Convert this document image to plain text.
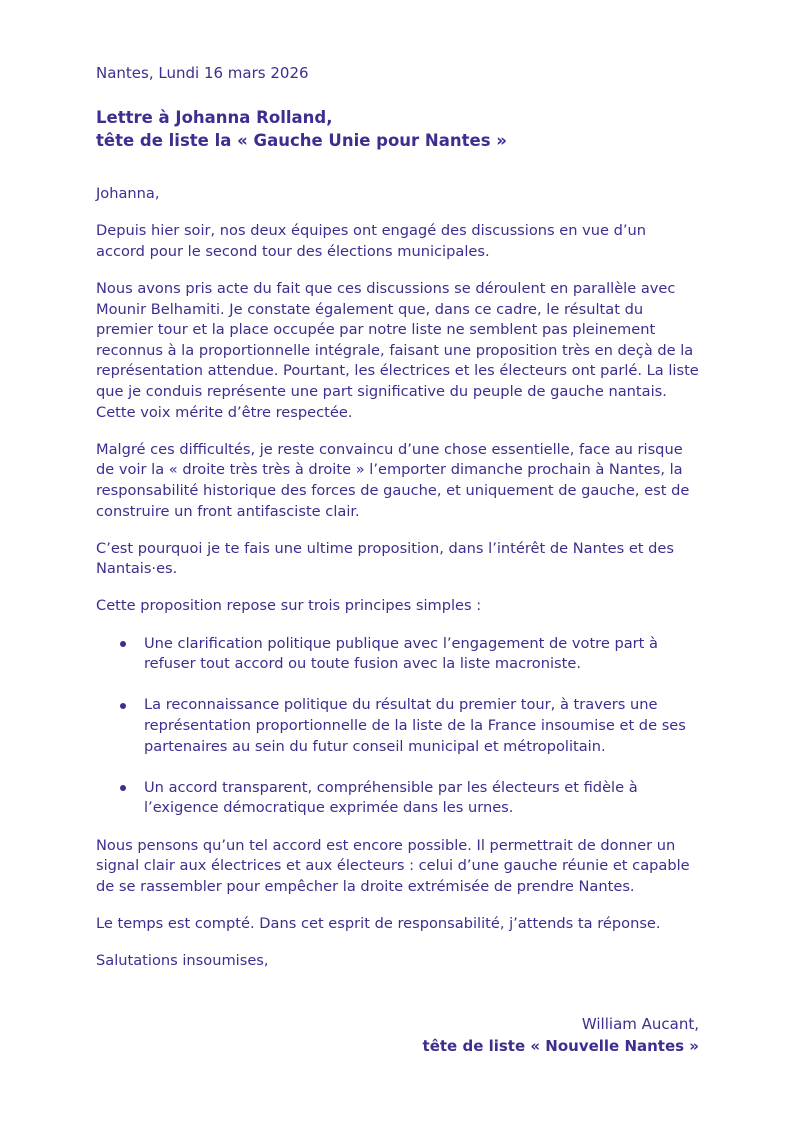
Nantes, Lundi 16 mars 2026
Lettre à Johanna Rolland,
tête de liste la « Gauche Unie pour Nantes »

Johanna,

Depuis hier soir, nos deux équipes ont engagé des discussions en vue d’un accord pour le second tour des élections municipales.

Nous avons pris acte du fait que ces discussions se déroulent en parallèle avec Mounir Belhamiti. Je constate également que, dans ce cadre, le résultat du premier tour et la place occupée par notre liste ne semblent pas pleinement reconnus à la proportionnelle intégrale, faisant une proposition très en deçà de la représentation attendue. Pourtant, les électrices et les électeurs ont parlé. La liste que je conduis représente une part significative du peuple de gauche nantais. Cette voix mérite d’être respectée.

Malgré ces difficultés, je reste convaincu d’une chose essentielle, face au risque de voir la « droite très très à droite » l’emporter dimanche prochain à Nantes, la responsabilité historique des forces de gauche, et uniquement de gauche, est de construire un front antifasciste clair.

C’est pourquoi je te fais une ultime proposition, dans l’intérêt de Nantes et des Nantais·es.

Cette proposition repose sur trois principes simples :

Une clarification politique publique avec l’engagement de votre part à refuser tout accord ou toute fusion avec la liste macroniste.
La reconnaissance politique du résultat du premier tour, à travers une représentation proportionnelle de la liste de la France insoumise et de ses partenaires au sein du futur conseil municipal et métropolitain.
Un accord transparent, compréhensible par les électeurs et fidèle à l’exigence démocratique exprimée dans les urnes.

Nous pensons qu’un tel accord est encore possible. Il permettrait de donner un signal clair aux électrices et aux électeurs : celui d’une gauche réunie et capable de se rassembler pour empêcher la droite extrémisée de prendre Nantes.

Le temps est compté. Dans cet esprit de responsabilité, j’attends ta réponse.

Salutations insoumises,

William Aucant,
tête de liste « Nouvelle Nantes »
